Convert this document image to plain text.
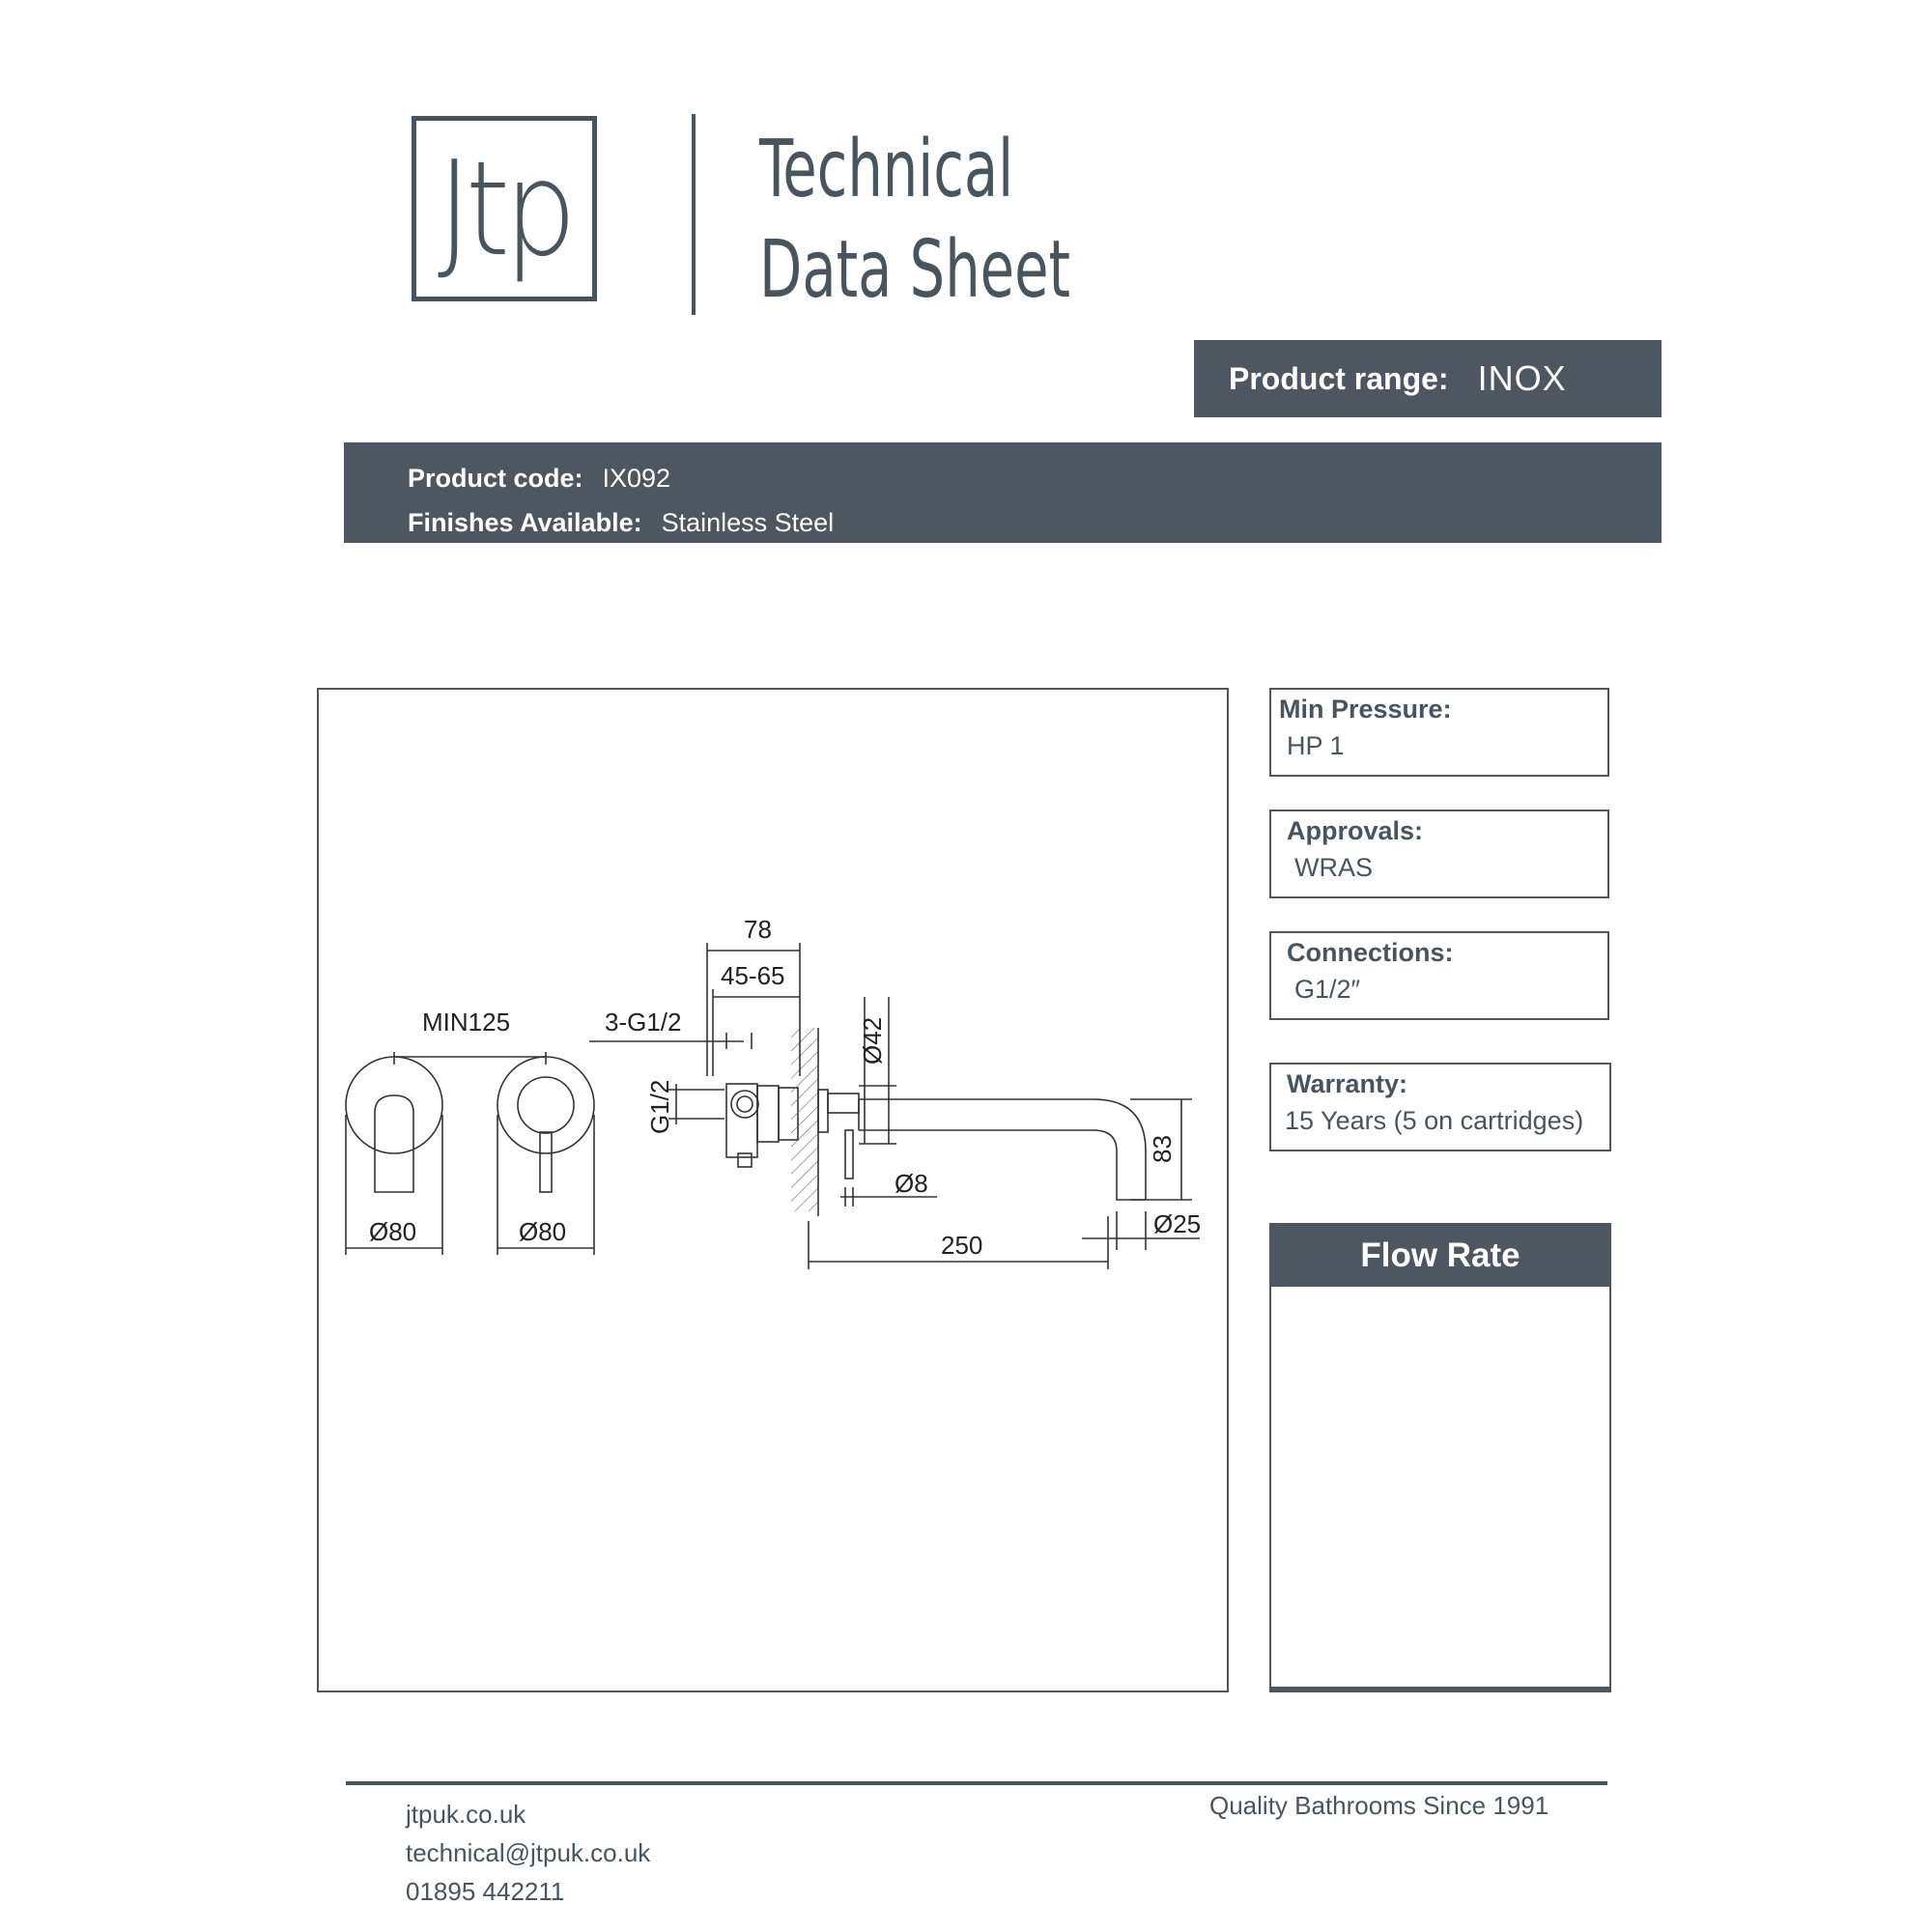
Jtp	Technical
Data Sheet
Product range: INOX
Product code: IX092
Finishes Available: Stainless Steel
MIN125	3-G1/2
78
45-65
Ø80	Ø80
Ø8
Ø25
250
G1/2
Ø42
83
Min Pressure:
HP 1
Approvals:
WRAS
Connections:
G1/2″
Warranty:
15 Years (5 on cartridges)
Flow Rate
jtpuk.co.uk
technical@jtpuk.co.uk
01895 442211
Quality Bathrooms Since 1991
